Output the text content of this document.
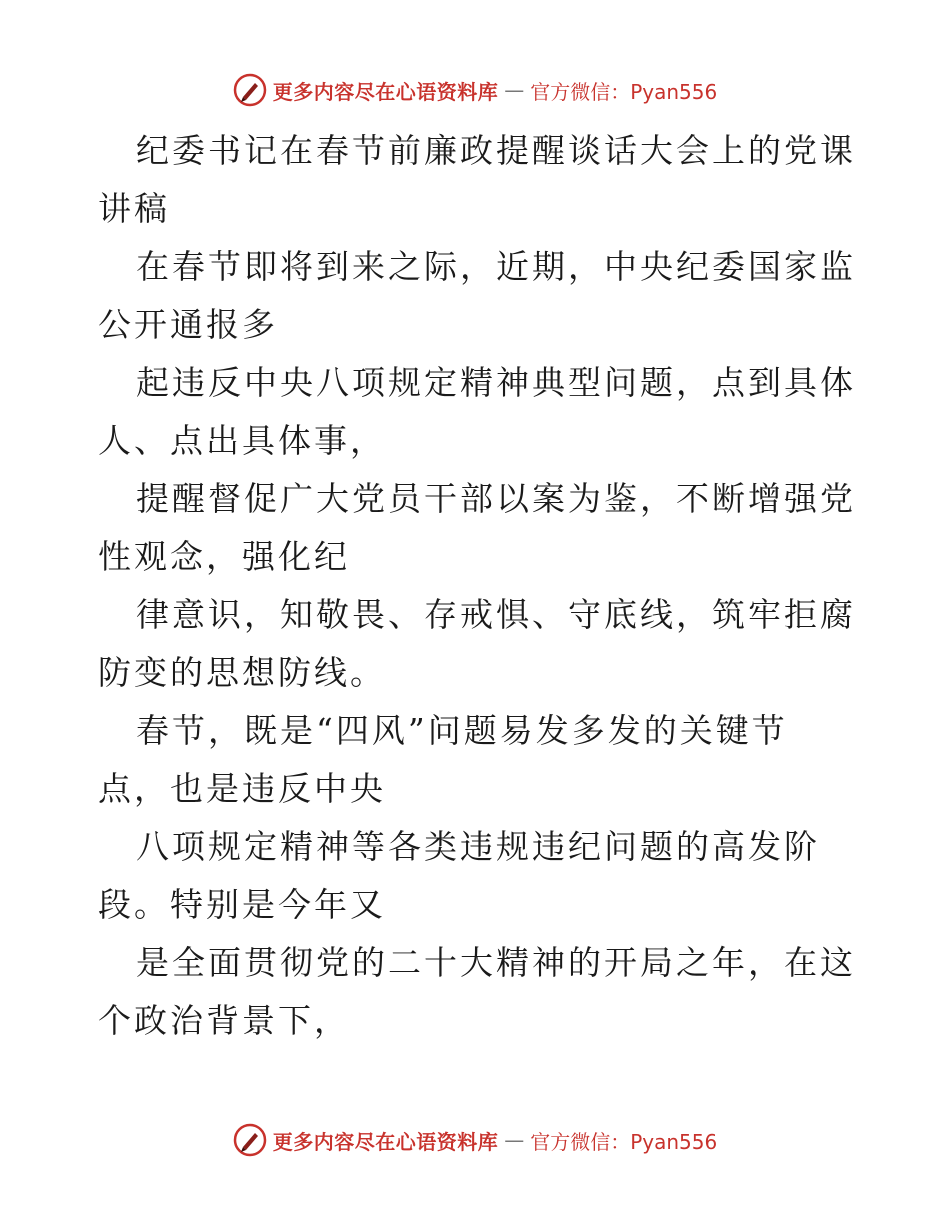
更多内容尽在心语资料库 — 官方微信：Pyan556

纪委书记在春节前廉政提醒谈话大会上的党课讲稿

在春节即将到来之际，近期，中央纪委国家监公开通报多

起违反中央八项规定精神典型问题，点到具体人、点出具体事，

提醒督促广大党员干部以案为鉴，不断增强党性观念，强化纪

律意识，知敬畏、存戒惧、守底线，筑牢拒腐防变的思想防线。

春节，既是“四风”问题易发多发的关键节点，也是违反中央

八项规定精神等各类违规违纪问题的高发阶段。特别是今年又

是全面贯彻党的二十大精神的开局之年，在这个政治背景下，

更多内容尽在心语资料库 — 官方微信：Pyan556
